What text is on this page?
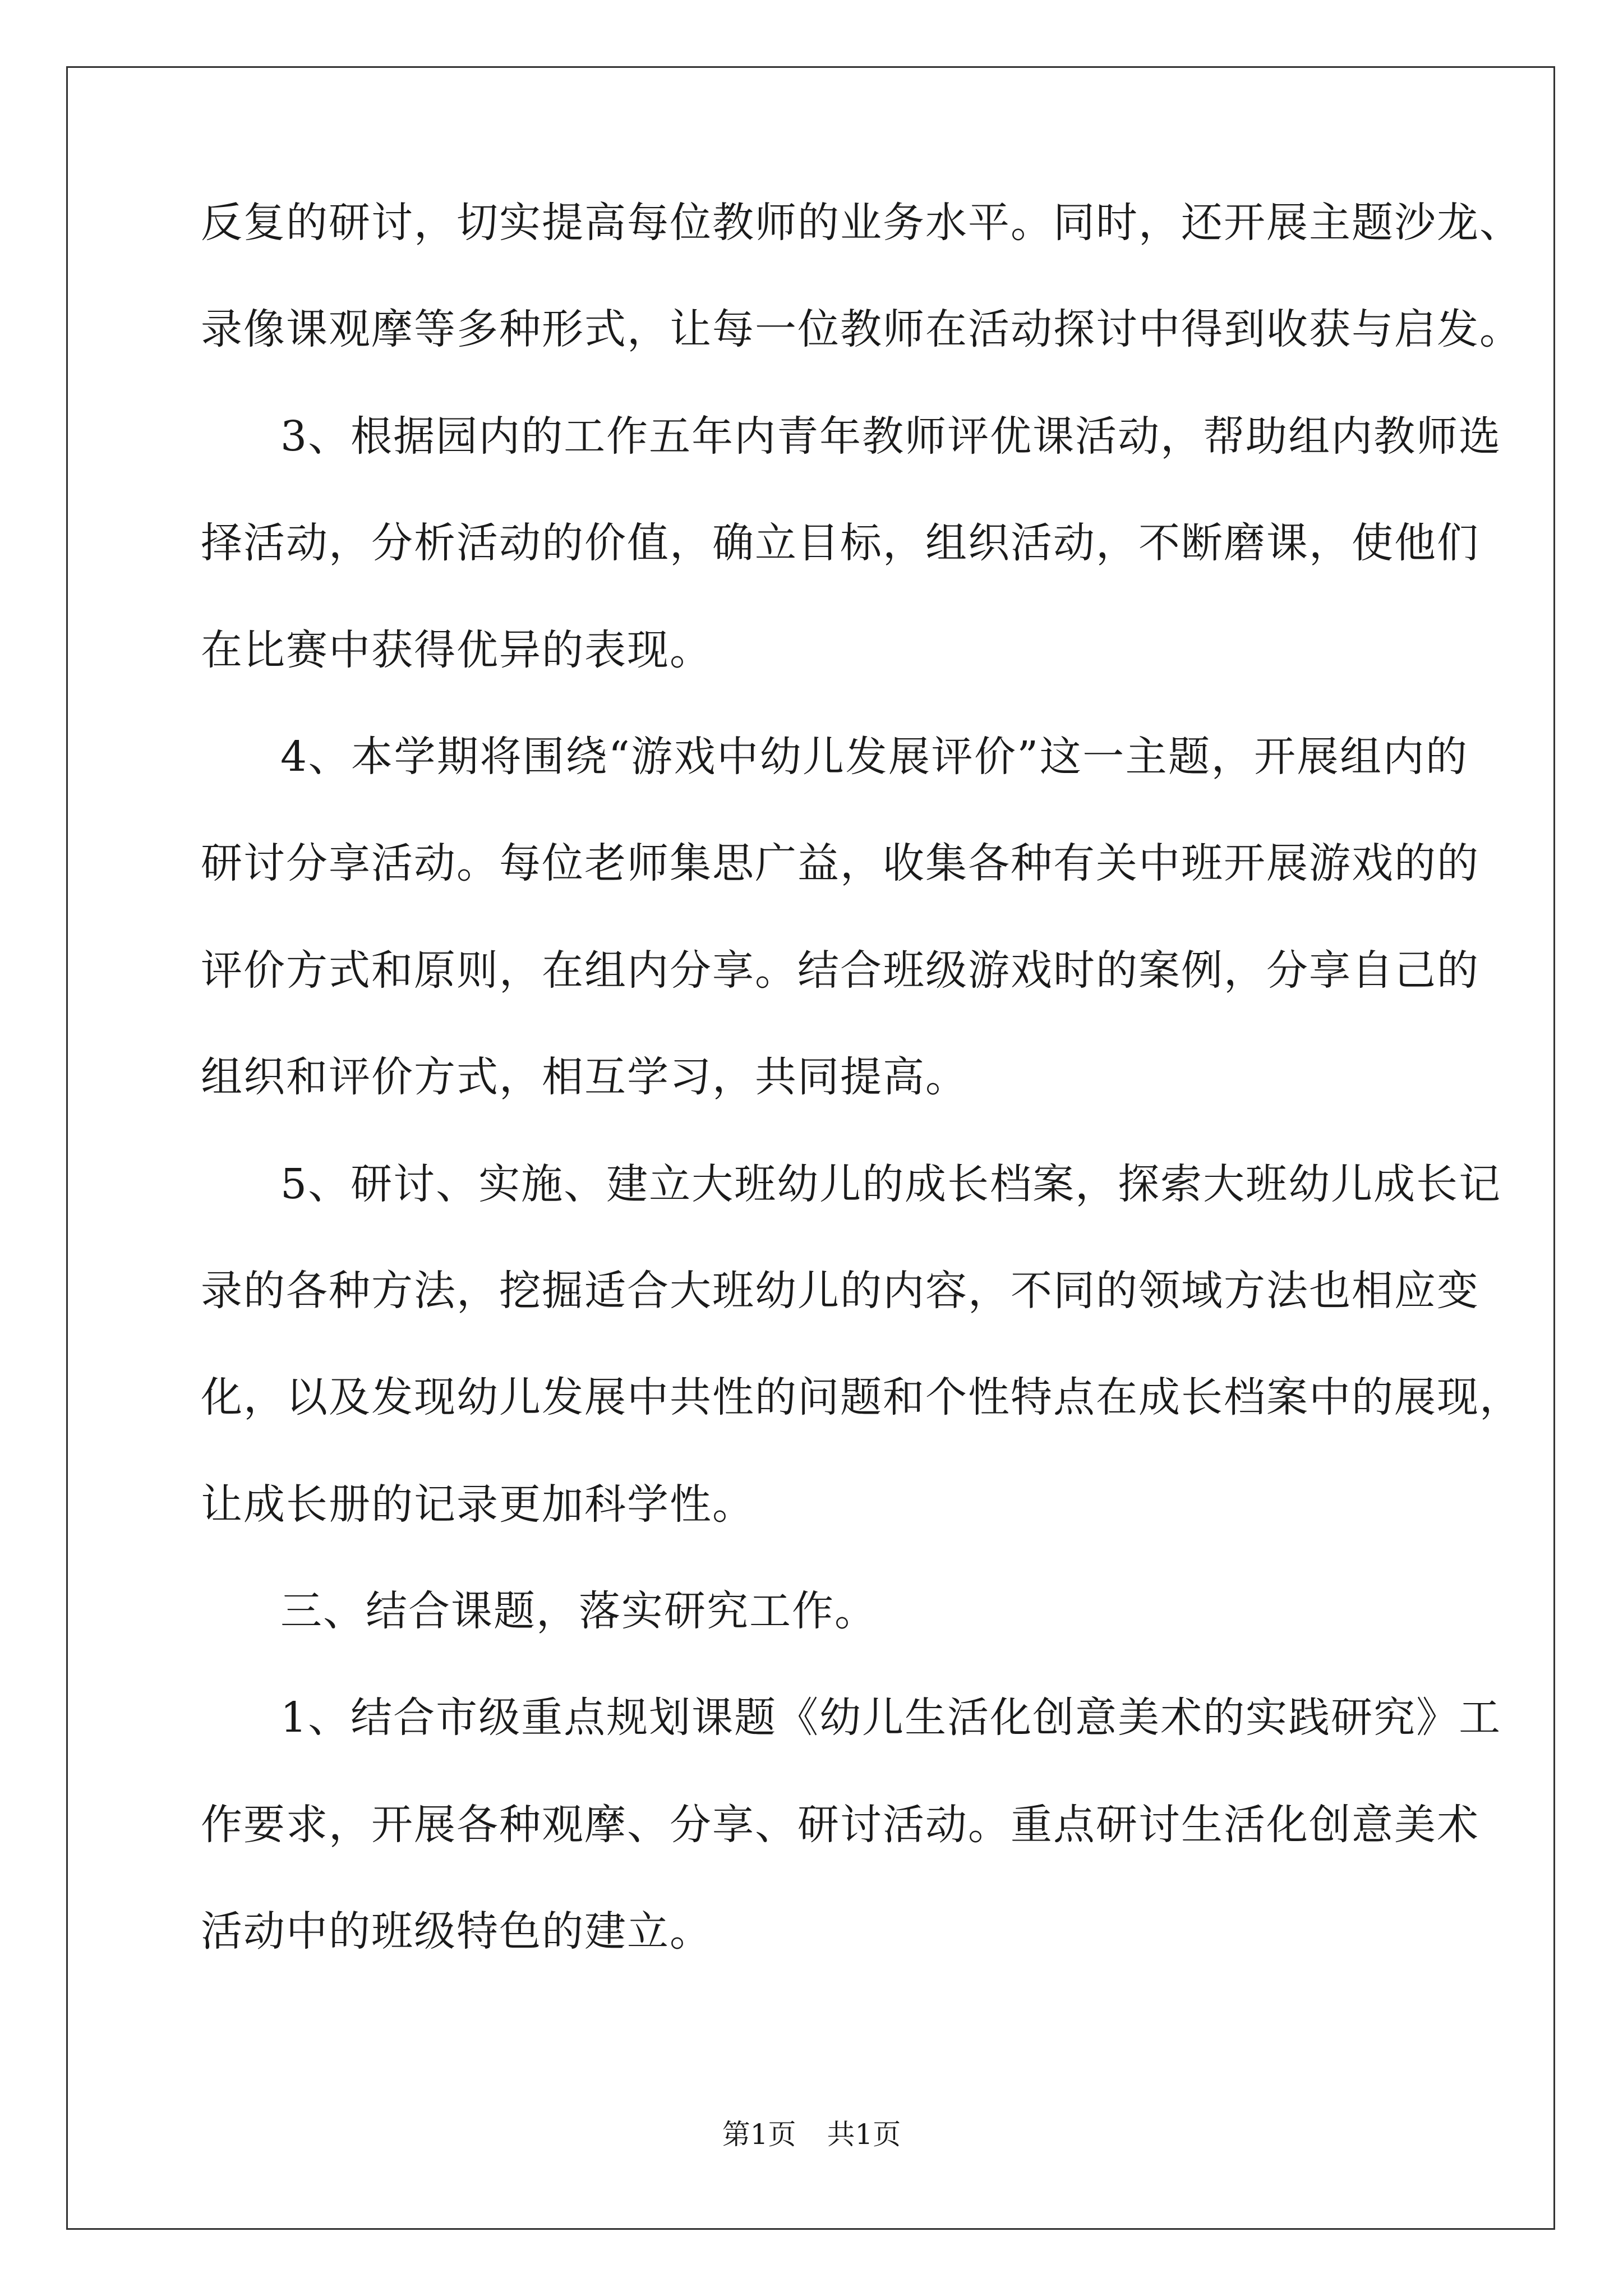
反复的研讨，切实提高每位教师的业务水平。同时，还开展主题沙龙、
录像课观摩等多种形式，让每一位教师在活动探讨中得到收获与启发。
3、根据园内的工作五年内青年教师评优课活动，帮助组内教师选
择活动，分析活动的价值，确立目标，组织活动，不断磨课，使他们
在比赛中获得优异的表现。
4、本学期将围绕“游戏中幼儿发展评价”这一主题，开展组内的
研讨分享活动。每位老师集思广益，收集各种有关中班开展游戏的的
评价方式和原则，在组内分享。结合班级游戏时的案例，分享自己的
组织和评价方式，相互学习，共同提高。
5、研讨、实施、建立大班幼儿的成长档案，探索大班幼儿成长记
录的各种方法，挖掘适合大班幼儿的内容，不同的领域方法也相应变
化，以及发现幼儿发展中共性的问题和个性特点在成长档案中的展现，
让成长册的记录更加科学性。
三、结合课题，落实研究工作。
1、结合市级重点规划课题《幼儿生活化创意美术的实践研究》工
作要求，开展各种观摩、分享、研讨活动。重点研讨生活化创意美术
活动中的班级特色的建立。
第1页 共1页
